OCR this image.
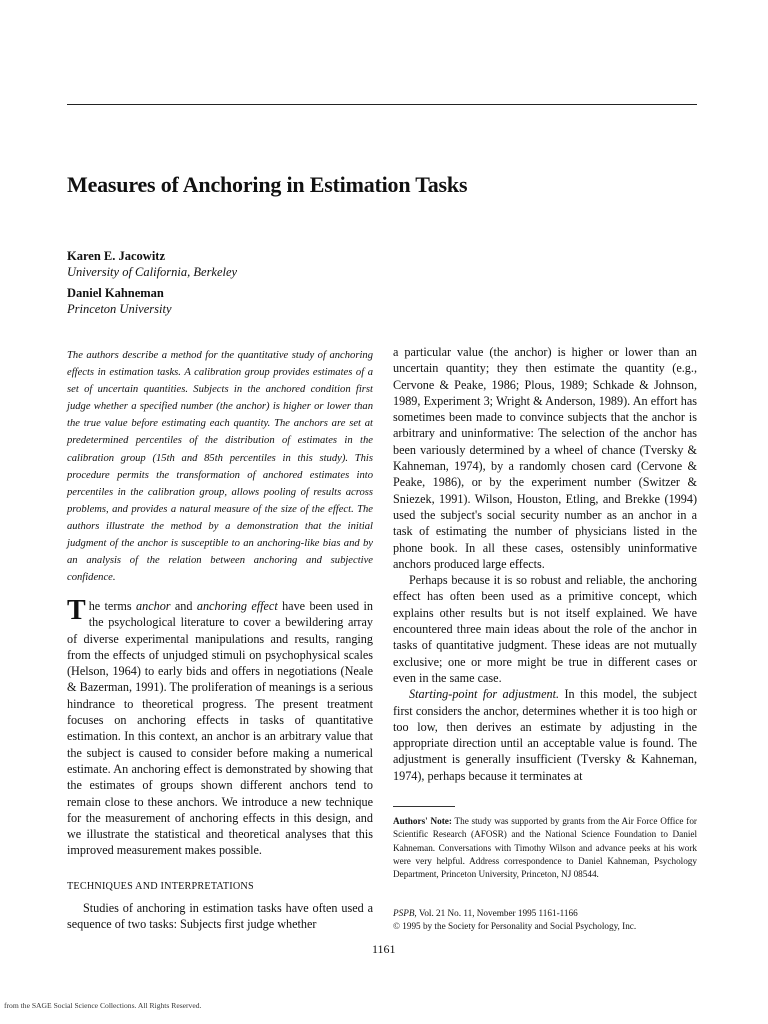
Measures of Anchoring in Estimation Tasks
Karen E. Jacowitz
University of California, Berkeley
Daniel Kahneman
Princeton University
The authors describe a method for the quantitative study of anchoring effects in estimation tasks. A calibration group provides estimates of a set of uncertain quantities. Subjects in the anchored condition first judge whether a specified number (the anchor) is higher or lower than the true value before estimating each quantity. The anchors are set at predetermined percentiles of the distribution of estimates in the calibration group (15th and 85th percentiles in this study). This procedure permits the transformation of anchored estimates into percentiles in the calibration group, allows pooling of results across problems, and provides a natural measure of the size of the effect. The authors illustrate the method by a demonstration that the initial judgment of the anchor is susceptible to an anchoring-like bias and by an analysis of the relation between anchoring and subjective confidence.
The terms anchor and anchoring effect have been used in the psychological literature to cover a bewildering array of diverse experimental manipulations and results, ranging from the effects of unjudged stimuli on psychophysical scales (Helson, 1964) to early bids and offers in negotiations (Neale & Bazerman, 1991). The proliferation of meanings is a serious hindrance to theoretical progress. The present treatment focuses on anchoring effects in tasks of quantitative estimation. In this context, an anchor is an arbitrary value that the subject is caused to consider before making a numerical estimate. An anchoring effect is demonstrated by showing that the estimates of groups shown different anchors tend to remain close to these anchors. We introduce a new technique for the measurement of anchoring effects in this design, and we illustrate the statistical and theoretical analyses that this improved measurement makes possible.
TECHNIQUES AND INTERPRETATIONS
Studies of anchoring in estimation tasks have often used a sequence of two tasks: Subjects first judge whether

a particular value (the anchor) is higher or lower than an uncertain quantity; they then estimate the quantity (e.g., Cervone & Peake, 1986; Plous, 1989; Schkade & Johnson, 1989, Experiment 3; Wright & Anderson, 1989). An effort has sometimes been made to convince subjects that the anchor is arbitrary and uninformative: The selection of the anchor has been variously determined by a wheel of chance (Tversky & Kahneman, 1974), by a randomly chosen card (Cervone & Peake, 1986), or by the experiment number (Switzer & Sniezek, 1991). Wilson, Houston, Etling, and Brekke (1994) used the subject's social security number as an anchor in a task of estimating the number of physicians listed in the phone book. In all these cases, ostensibly uninformative anchors produced large effects.

Perhaps because it is so robust and reliable, the anchoring effect has often been used as a primitive concept, which explains other results but is not itself explained. We have encountered three main ideas about the role of the anchor in tasks of quantitative judgment. These ideas are not mutually exclusive; one or more might be true in different cases or even in the same case.

Starting-point for adjustment. In this model, the subject first considers the anchor, determines whether it is too high or too low, then derives an estimate by adjusting in the appropriate direction until an acceptable value is found. The adjustment is generally insufficient (Tversky & Kahneman, 1974), perhaps because it terminates at

Authors' Note: The study was supported by grants from the Air Force Office for Scientific Research (AFOSR) and the National Science Foundation to Daniel Kahneman. Conversations with Timothy Wilson and advance peeks at his work were very helpful. Address correspondence to Daniel Kahneman, Psychology Department, Princeton University, Princeton, NJ 08544.
PSPB, Vol. 21 No. 11, November 1995 1161-1166
© 1995 by the Society for Personality and Social Psychology, Inc.
1161
from the SAGE Social Science Collections. All Rights Reserved.
